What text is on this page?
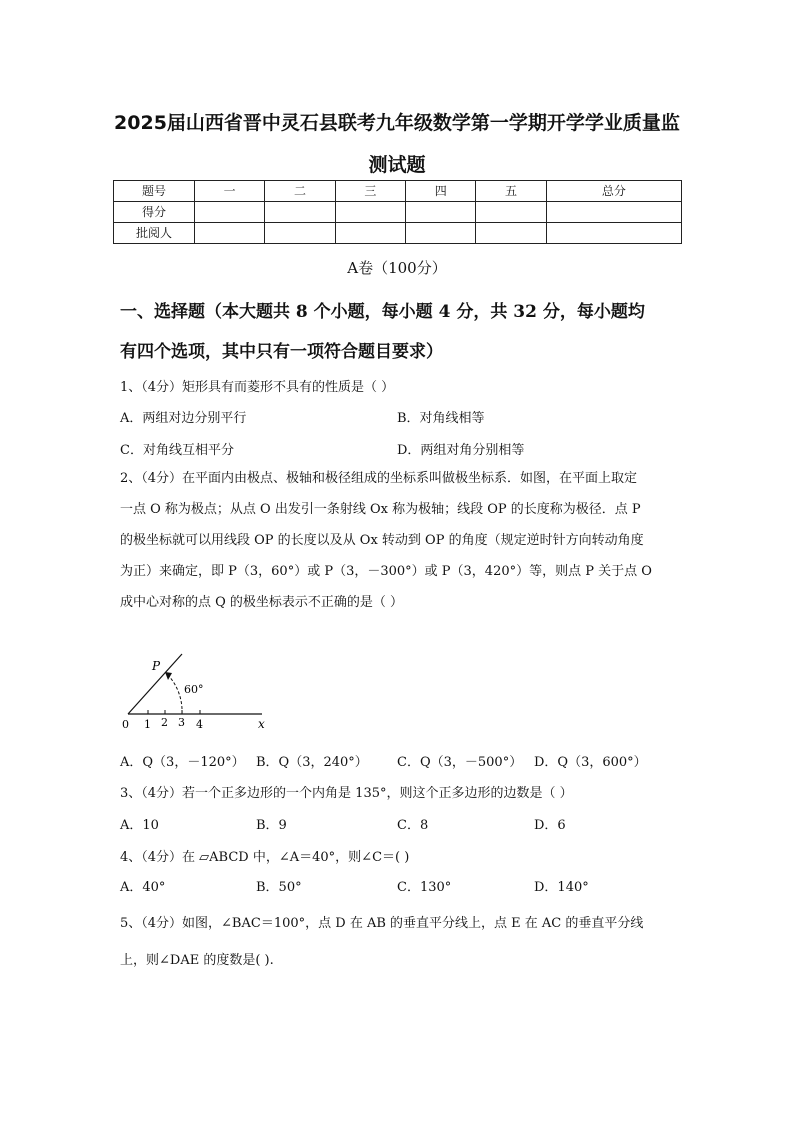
2025届山西省晋中灵石县联考九年级数学第一学期开学学业质量监
测试题
题号	一	二	三	四	五	总分
得分						
批阅人						
A卷（100分）
一、选择题（本大题共 8 个小题，每小题 4 分，共 32 分，每小题均
有四个选项，其中只有一项符合题目要求）
1、（4分）矩形具有而菱形不具有的性质是（ ）
A．两组对边分别平行	B．对角线相等
C．对角线互相平分	D．两组对角分别相等
2、（4分）在平面内由极点、极轴和极径组成的坐标系叫做极坐标系．如图，在平面上取定
一点 O 称为极点；从点 O 出发引一条射线 Ox 称为极轴；线段 OP 的长度称为极径．点 P
的极坐标就可以用线段 OP 的长度以及从 Ox 转动到 OP 的角度（规定逆时针方向转动角度
为正）来确定，即 P（3，60°）或 P（3，－300°）或 P（3，420°）等，则点 P 关于点 O
成中心对称的点 Q 的极坐标表示不正确的是（ ）
P
60°
0 1 2 3 4	x
A．Q（3，－120°） B．Q（3，240°） C．Q（3，－500°） D．Q（3，600°）
3、（4分）若一个正多边形的一个内角是 135°，则这个正多边形的边数是（ ）
A．10	B．9	C．8	D．6
4、（4分）在 ▱ABCD 中，∠A＝40°，则∠C＝( )
A．40°	B．50°	C．130°	D．140°
5、（4分）如图，∠BAC＝100°，点 D 在 AB 的垂直平分线上，点 E 在 AC 的垂直平分线
上，则∠DAE 的度数是( ).
